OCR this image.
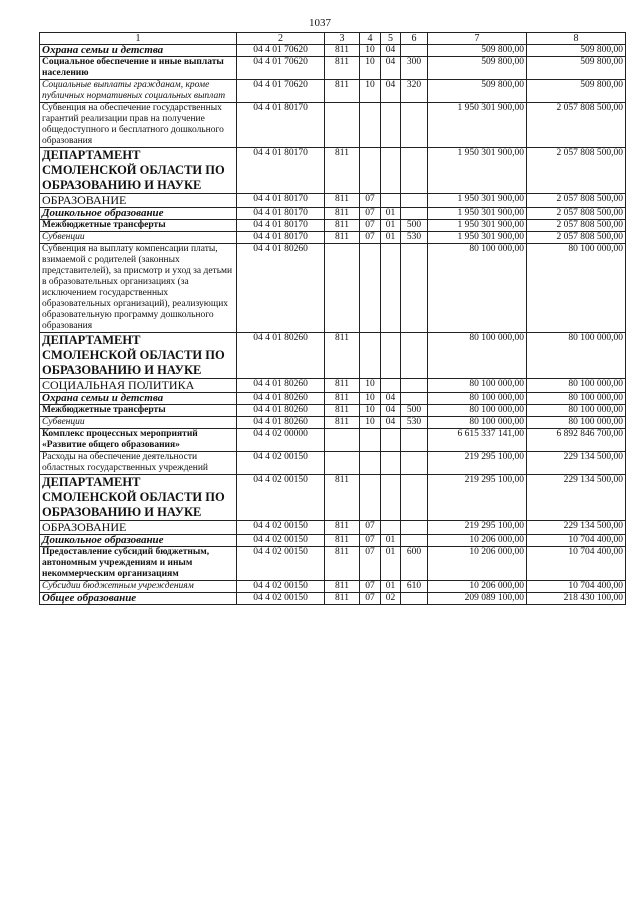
1037
1	2	3	4	5	6	7	8
Охрана семьи и детства	04 4 01 70620	811	10	04		509 800,00	509 800,00
Социальное обеспечение и иные выплаты населению	04 4 01 70620	811	10	04	300	509 800,00	509 800,00
Социальные выплаты гражданам, кроме публичных нормативных социальных выплат	04 4 01 70620	811	10	04	320	509 800,00	509 800,00
Субвенция на обеспечение государственных гарантий реализации прав на получение общедоступного и бесплатного дошкольного образования	04 4 01 80170					1 950 301 900,00	2 057 808 500,00
ДЕПАРТАМЕНТ СМОЛЕНСКОЙ ОБЛАСТИ ПО ОБРАЗОВАНИЮ И НАУКЕ	04 4 01 80170	811				1 950 301 900,00	2 057 808 500,00
ОБРАЗОВАНИЕ	04 4 01 80170	811	07			1 950 301 900,00	2 057 808 500,00
Дошкольное образование	04 4 01 80170	811	07	01		1 950 301 900,00	2 057 808 500,00
Межбюджетные трансферты	04 4 01 80170	811	07	01	500	1 950 301 900,00	2 057 808 500,00
Субвенции	04 4 01 80170	811	07	01	530	1 950 301 900,00	2 057 808 500,00
Субвенция на выплату компенсации платы, взимаемой с родителей (законных представителей), за присмотр и уход за детьми в образовательных организациях (за исключением государственных образовательных организаций), реализующих образовательную программу дошкольного образования	04 4 01 80260					80 100 000,00	80 100 000,00
ДЕПАРТАМЕНТ СМОЛЕНСКОЙ ОБЛАСТИ ПО ОБРАЗОВАНИЮ И НАУКЕ	04 4 01 80260	811				80 100 000,00	80 100 000,00
СОЦИАЛЬНАЯ ПОЛИТИКА	04 4 01 80260	811	10			80 100 000,00	80 100 000,00
Охрана семьи и детства	04 4 01 80260	811	10	04		80 100 000,00	80 100 000,00
Межбюджетные трансферты	04 4 01 80260	811	10	04	500	80 100 000,00	80 100 000,00
Субвенции	04 4 01 80260	811	10	04	530	80 100 000,00	80 100 000,00
Комплекс процессных мероприятий «Развитие общего образования»	04 4 02 00000					6 615 337 141,00	6 892 846 700,00
Расходы на обеспечение деятельности областных государственных учреждений	04 4 02 00150					219 295 100,00	229 134 500,00
ДЕПАРТАМЕНТ СМОЛЕНСКОЙ ОБЛАСТИ ПО ОБРАЗОВАНИЮ И НАУКЕ	04 4 02 00150	811				219 295 100,00	229 134 500,00
ОБРАЗОВАНИЕ	04 4 02 00150	811	07			219 295 100,00	229 134 500,00
Дошкольное образование	04 4 02 00150	811	07	01		10 206 000,00	10 704 400,00
Предоставление субсидий бюджетным, автономным учреждениям и иным некоммерческим организациям	04 4 02 00150	811	07	01	600	10 206 000,00	10 704 400,00
Субсидии бюджетным учреждениям	04 4 02 00150	811	07	01	610	10 206 000,00	10 704 400,00
Общее образование	04 4 02 00150	811	07	02		209 089 100,00	218 430 100,00
